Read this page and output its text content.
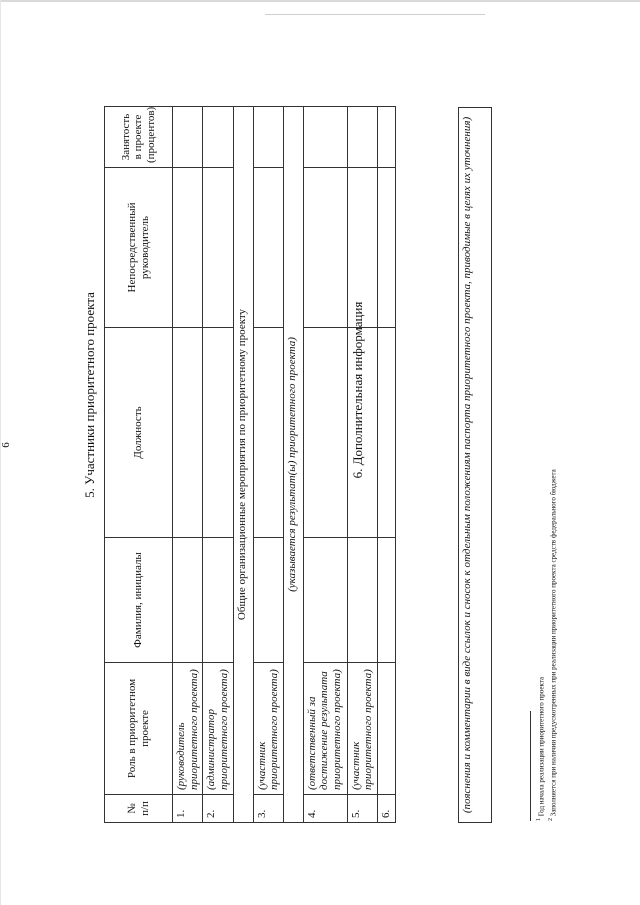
6	5. Участники приоритетного проекта
№ п/п	Роль в приоритетном проекте	Фамилия, инициалы	Должность	Непосредственный руководитель	Занятость в проекте (процентов)
1.	(руководитель приоритетного проекта)				
2.	(администратор приоритетного проекта)				
Общие организационные мероприятия по приоритетному проекту					
3.	(участник приоритетного проекта)				
(указывается результат(ы) приоритетного проекта)					
4.	(ответственный за достижение результата приоритетного проекта)				
5.	(участник приоритетного проекта)				
6.					
6. Дополнительная информация	(пояснения и комментарии в виде ссылок и сносок к отдельным положениям паспорта приоритетного проекта, приводимые в целях их уточнения)
$^1$ Год начала реализации приоритетного проекта
$^2$ Заполняется при наличии предусмотренных при реализации приоритетного проекта средств федерального бюджета
